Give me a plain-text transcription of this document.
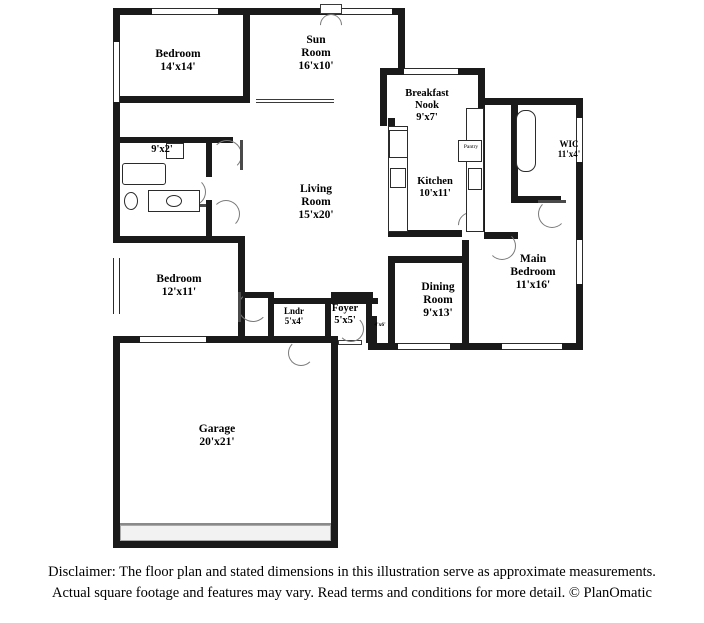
Bedroom
14'x14'
Sun
Room
16'x10'
Breakfast
Nook
9'x7'
WIC
11'x4'
9'x2'
Kitchen
10'x11'
Living
Room
15'x20'
Main
Bedroom
11'x16'
Bedroom
12'x11'	Dining
Room
9'x13'
Foyer
5'x5'
Lndr
5'x4'	4'x6'
Garage
20'x21'
Pantry
Disclaimer: The floor plan and stated dimensions in this illustration serve as approximate measurements.
Actual square footage and features may vary. Read terms and conditions for more detail. © PlanOmatic
